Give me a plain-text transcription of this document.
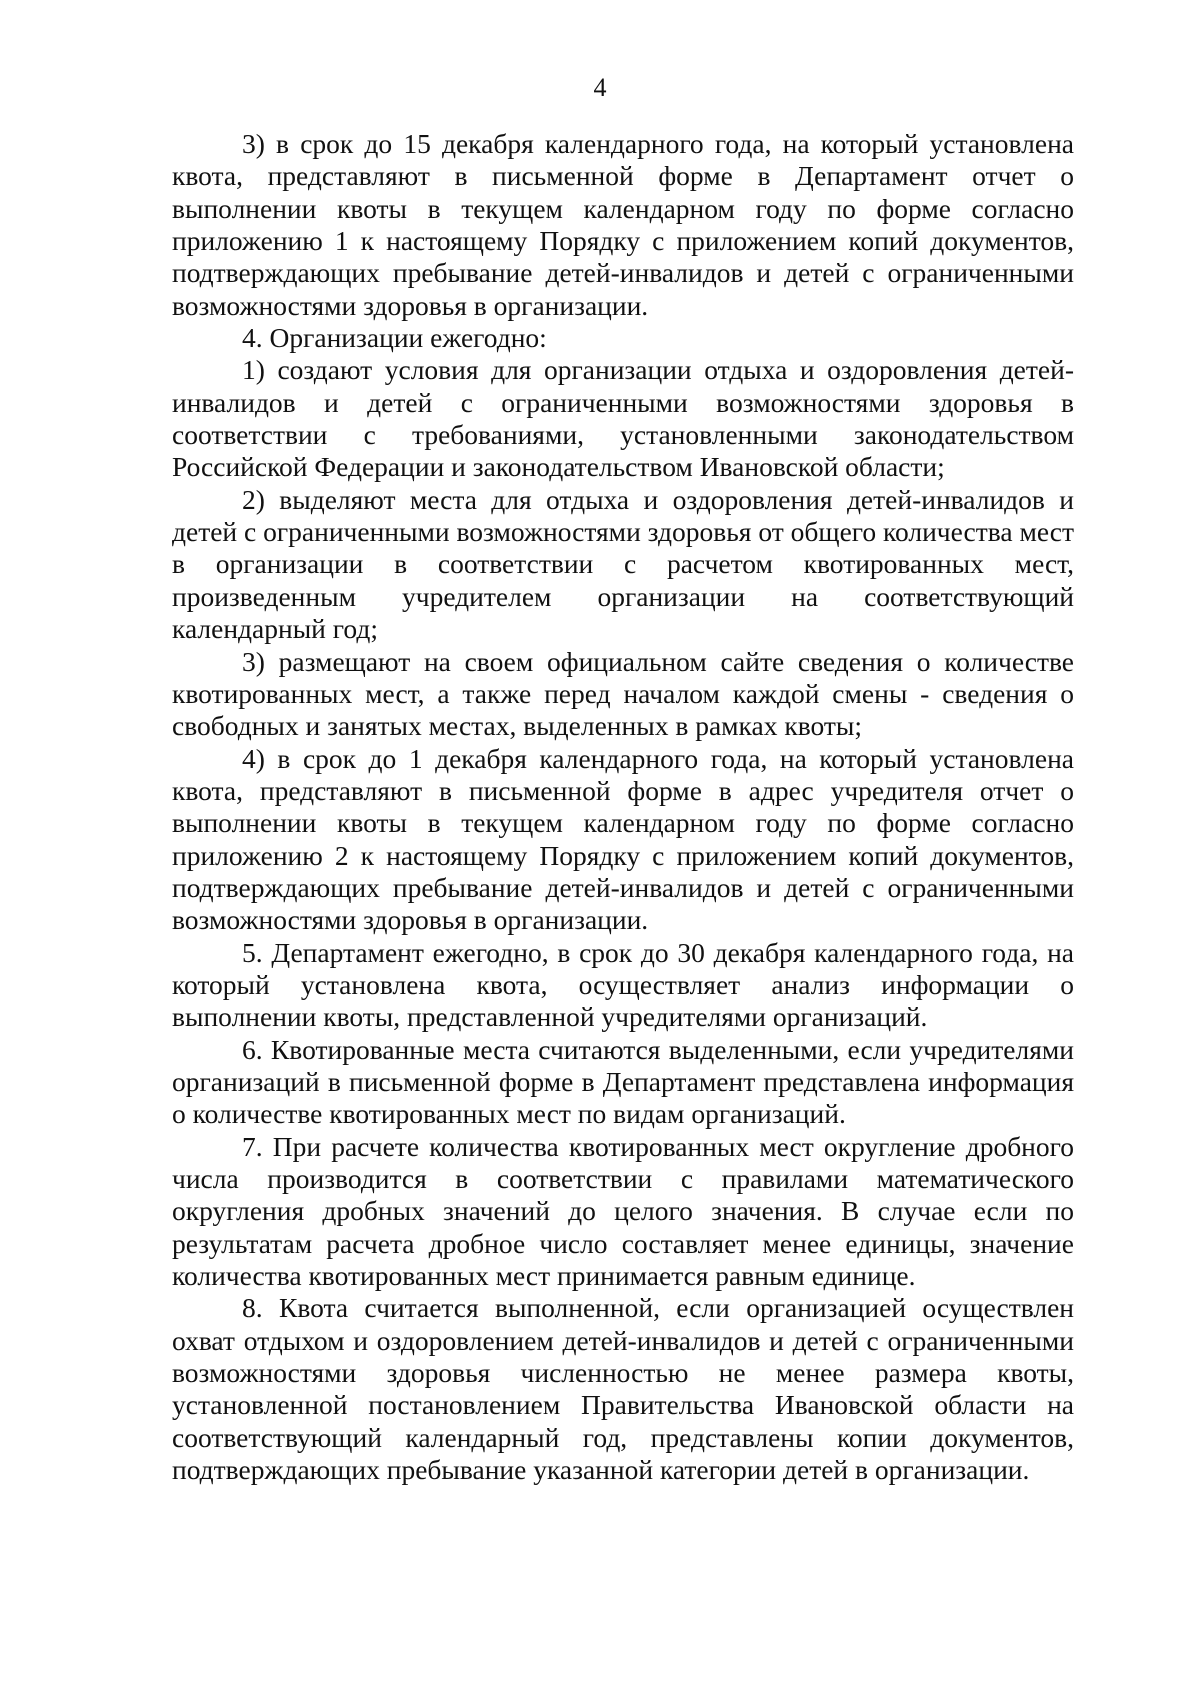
4

3) в срок до 15 декабря календарного года, на который установлена квота, представляют в письменной форме в Департамент отчет о выполнении квоты в текущем календарном году по форме согласно приложению 1 к настоящему Порядку с приложением копий документов, подтверждающих пребывание детей-инвалидов и детей с ограниченными возможностями здоровья в организации.

4. Организации ежегодно:

1) создают условия для организации отдыха и оздоровления детей-инвалидов и детей с ограниченными возможностями здоровья в соответствии с требованиями, установленными законодательством Российской Федерации и законодательством Ивановской области;

2) выделяют места для отдыха и оздоровления детей-инвалидов и детей с ограниченными возможностями здоровья от общего количества мест в организации в соответствии с расчетом квотированных мест, произведенным учредителем организации на соответствующий календарный год;

3) размещают на своем официальном сайте сведения о количестве квотированных мест, а также перед началом каждой смены - сведения о свободных и занятых местах, выделенных в рамках квоты;

4) в срок до 1 декабря календарного года, на который установлена квота, представляют в письменной форме в адрес учредителя отчет о выполнении квоты в текущем календарном году по форме согласно приложению 2 к настоящему Порядку с приложением копий документов, подтверждающих пребывание детей-инвалидов и детей с ограниченными возможностями здоровья в организации.

5. Департамент ежегодно, в срок до 30 декабря календарного года, на который установлена квота, осуществляет анализ информации о выполнении квоты, представленной учредителями организаций.

6. Квотированные места считаются выделенными, если учредителями организаций в письменной форме в Департамент представлена информация о количестве квотированных мест по видам организаций.

7. При расчете количества квотированных мест округление дробного числа производится в соответствии с правилами математического округления дробных значений до целого значения. В случае если по результатам расчета дробное число составляет менее единицы, значение количества квотированных мест принимается равным единице.

8. Квота считается выполненной, если организацией осуществлен охват отдыхом и оздоровлением детей-инвалидов и детей с ограниченными возможностями здоровья численностью не менее размера квоты, установленной постановлением Правительства Ивановской области на соответствующий календарный год, представлены копии документов, подтверждающих пребывание указанной категории детей в организации.
